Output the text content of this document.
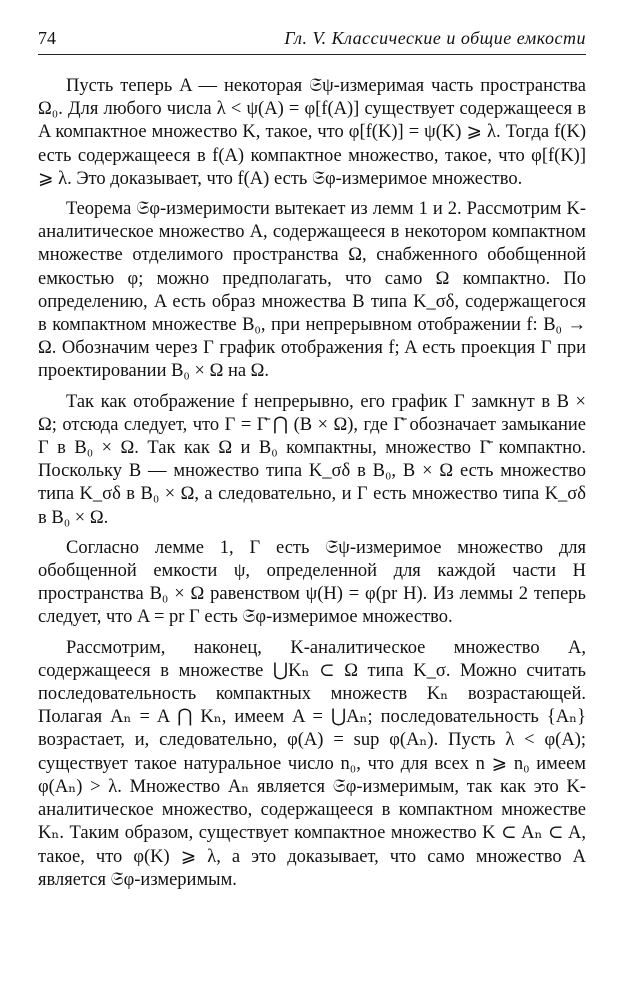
74	Гл. V. Классические и общие емкости

Пусть теперь A — некоторая 𝔖ψ-измеримая часть пространства Ω₀. Для любого числа λ < ψ(A) = φ[f(A)] существует содержащееся в A компактное множество K, такое, что φ[f(K)] = ψ(K) ⩾ λ. Тогда f(K) есть содержащееся в f(A) компактное множество, такое, что φ[f(K)] ⩾ λ. Это доказывает, что f(A) есть 𝔖φ-измеримое множество.

Теорема 𝔖φ-измеримости вытекает из лемм 1 и 2. Рассмотрим K-аналитическое множество A, содержащееся в некотором компактном множестве отделимого пространства Ω, снабженного обобщенной емкостью φ; можно предполагать, что само Ω компактно. По определению, A есть образ множества B типа K_σδ, содержащегося в компактном множестве B₀, при непрерывном отображении f: B₀ → Ω. Обозначим через Γ график отображения f; A есть проекция Γ при проектировании B₀ × Ω на Ω.

Так как отображение f непрерывно, его график Γ замкнут в B × Ω; отсюда следует, что Γ = Γ̄ ⋂ (B × Ω), где Γ̄ обозначает замыкание Γ в B₀ × Ω. Так как Ω и B₀ компактны, множество Γ̄ компактно. Поскольку B — множество типа K_σδ в B₀, B × Ω есть множество типа K_σδ в B₀ × Ω, а следовательно, и Γ есть множество типа K_σδ в B₀ × Ω.

Согласно лемме 1, Γ есть 𝔖ψ-измеримое множество для обобщенной емкости ψ, определенной для каждой части H пространства B₀ × Ω равенством ψ(H) = φ(pr H). Из леммы 2 теперь следует, что A = pr Γ есть 𝔖φ-измеримое множество.

Рассмотрим, наконец, K-аналитическое множество A, содержащееся в множестве ⋃Kₙ ⊂ Ω типа K_σ. Можно считать последовательность компактных множеств Kₙ возрастающей. Полагая Aₙ = A ⋂ Kₙ, имеем A = ⋃Aₙ; последовательность {Aₙ} возрастает, и, следовательно, φ(A) = sup φ(Aₙ). Пусть λ < φ(A); существует такое натуральное число n₀, что для всех n ⩾ n₀ имеем φ(Aₙ) > λ. Множество Aₙ является 𝔖φ-измеримым, так как это K-аналитическое множество, содержащееся в компактном множестве Kₙ. Таким образом, существует компактное множество K ⊂ Aₙ ⊂ A, такое, что φ(K) ⩾ λ, а это доказывает, что само множество A является 𝔖φ-измеримым.
